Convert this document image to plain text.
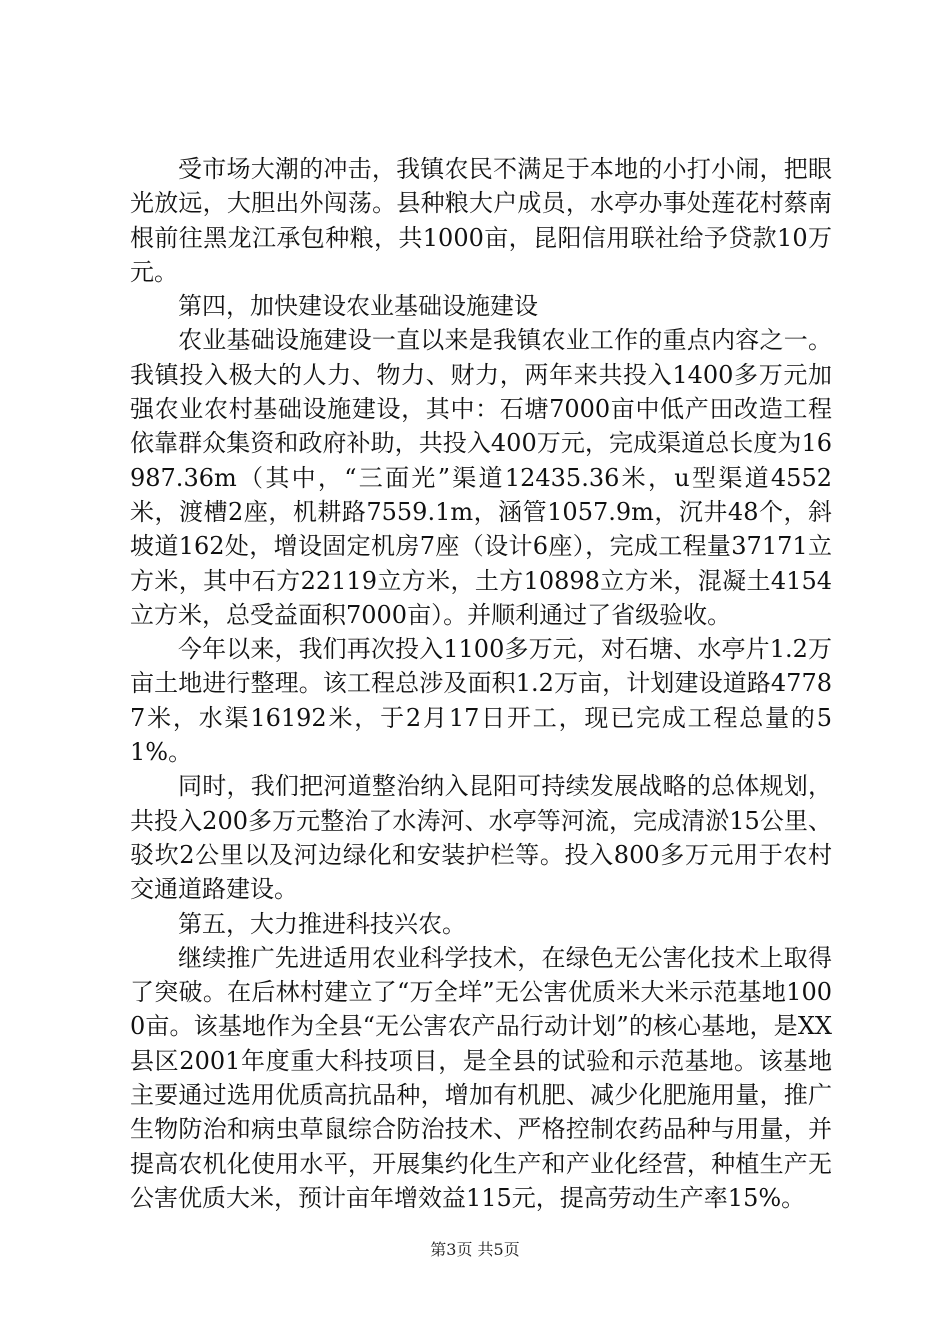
受市场大潮的冲击，我镇农民不满足于本地的小打小闹，把眼光放远，大胆出外闯荡。县种粮大户成员，水亭办事处莲花村蔡南根前往黑龙江承包种粮，共1000亩，昆阳信用联社给予贷款10万元。

第四，加快建设农业基础设施建设

农业基础设施建设一直以来是我镇农业工作的重点内容之一。我镇投入极大的人力、物力、财力，两年来共投入1400多万元加强农业农村基础设施建设，其中：石塘7000亩中低产田改造工程依靠群众集资和政府补助，共投入400万元，完成渠道总长度为16987.36m（其中，“三面光”渠道12435.36米，u型渠道4552米，渡槽2座，机耕路7559.1m，涵管1057.9m，沉井48个，斜坡道162处，增设固定机房7座（设计6座），完成工程量37171立方米，其中石方22119立方米，土方10898立方米，混凝土4154立方米，总受益面积7000亩）。并顺利通过了省级验收。

今年以来，我们再次投入1100多万元，对石塘、水亭片1.2万亩土地进行整理。该工程总涉及面积1.2万亩，计划建设道路47787米，水渠16192米，于2月17日开工，现已完成工程总量的51%。

同时，我们把河道整治纳入昆阳可持续发展战略的总体规划，共投入200多万元整治了水涛河、水亭等河流，完成清淤15公里、驳坎2公里以及河边绿化和安装护栏等。投入800多万元用于农村交通道路建设。

第五，大力推进科技兴农。

继续推广先进适用农业科学技术，在绿色无公害化技术上取得了突破。在后林村建立了“万全垟”无公害优质米大米示范基地1000亩。该基地作为全县“无公害农产品行动计划”的核心基地，是XX县区2001年度重大科技项目，是全县的试验和示范基地。该基地主要通过选用优质高抗品种，增加有机肥、减少化肥施用量，推广生物防治和病虫草鼠综合防治技术、严格控制农药品种与用量，并提高农机化使用水平，开展集约化生产和产业化经营，种植生产无公害优质大米，预计亩年增效益115元，提高劳动生产率15%。

第3页 共5页
